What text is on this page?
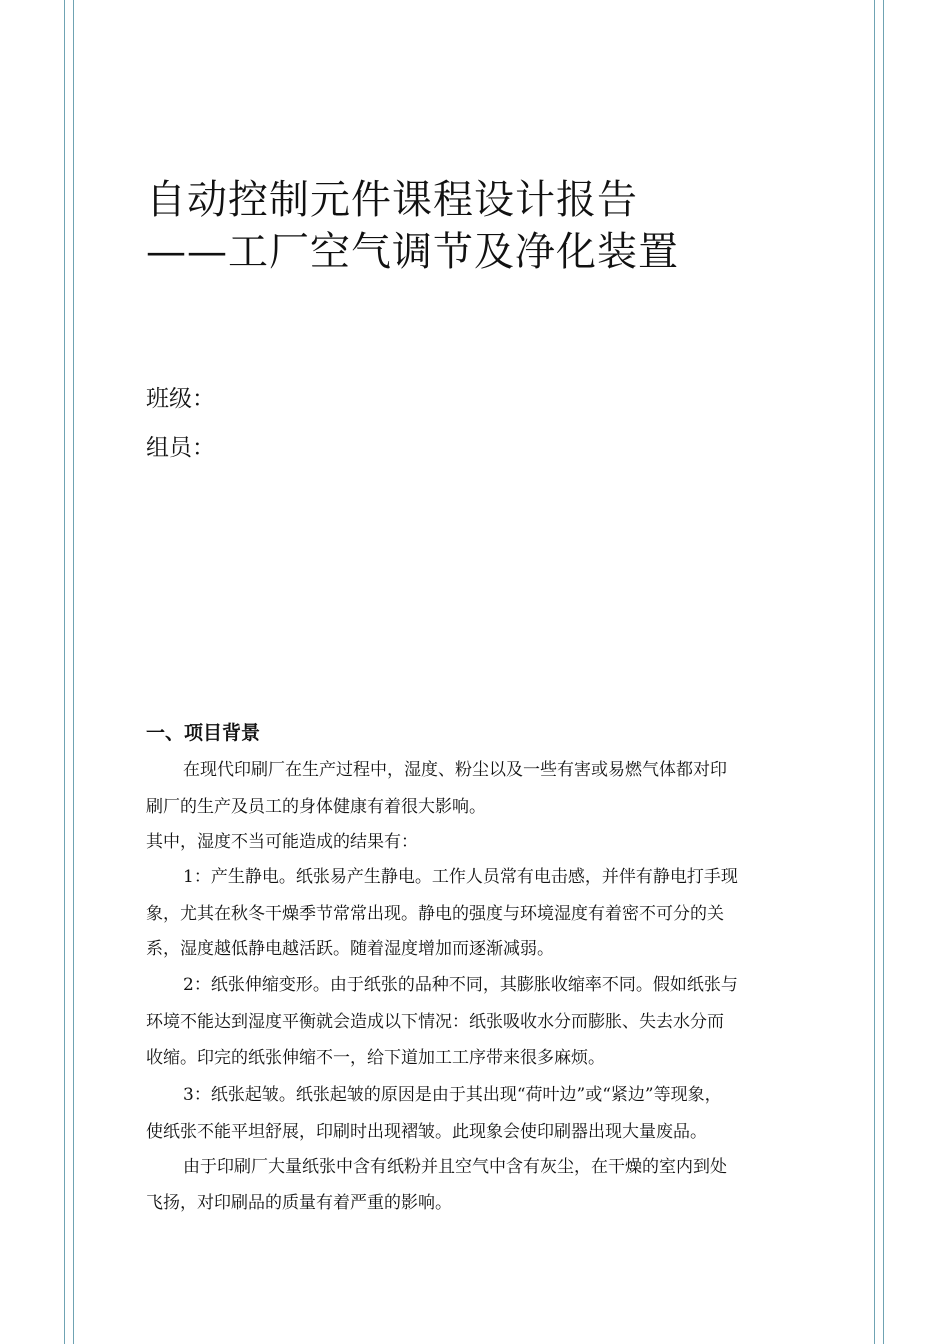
自动控制元件课程设计报告
——工厂空气调节及净化装置
班级：
组员：
一、项目背景
在现代印刷厂在生产过程中，湿度、粉尘以及一些有害或易燃气体都对印
刷厂的生产及员工的身体健康有着很大影响。
其中，湿度不当可能造成的结果有：
1：产生静电。纸张易产生静电。工作人员常有电击感，并伴有静电打手现
象，尤其在秋冬干燥季节常常出现。静电的强度与环境湿度有着密不可分的关
系，湿度越低静电越活跃。随着湿度增加而逐渐减弱。
2：纸张伸缩变形。由于纸张的品种不同，其膨胀收缩率不同。假如纸张与
环境不能达到湿度平衡就会造成以下情况：纸张吸收水分而膨胀、失去水分而
收缩。印完的纸张伸缩不一，给下道加工工序带来很多麻烦。
3：纸张起皱。纸张起皱的原因是由于其出现“荷叶边”或“紧边”等现象，
使纸张不能平坦舒展，印刷时出现褶皱。此现象会使印刷器出现大量废品。
由于印刷厂大量纸张中含有纸粉并且空气中含有灰尘，在干燥的室内到处
飞扬，对印刷品的质量有着严重的影响。
